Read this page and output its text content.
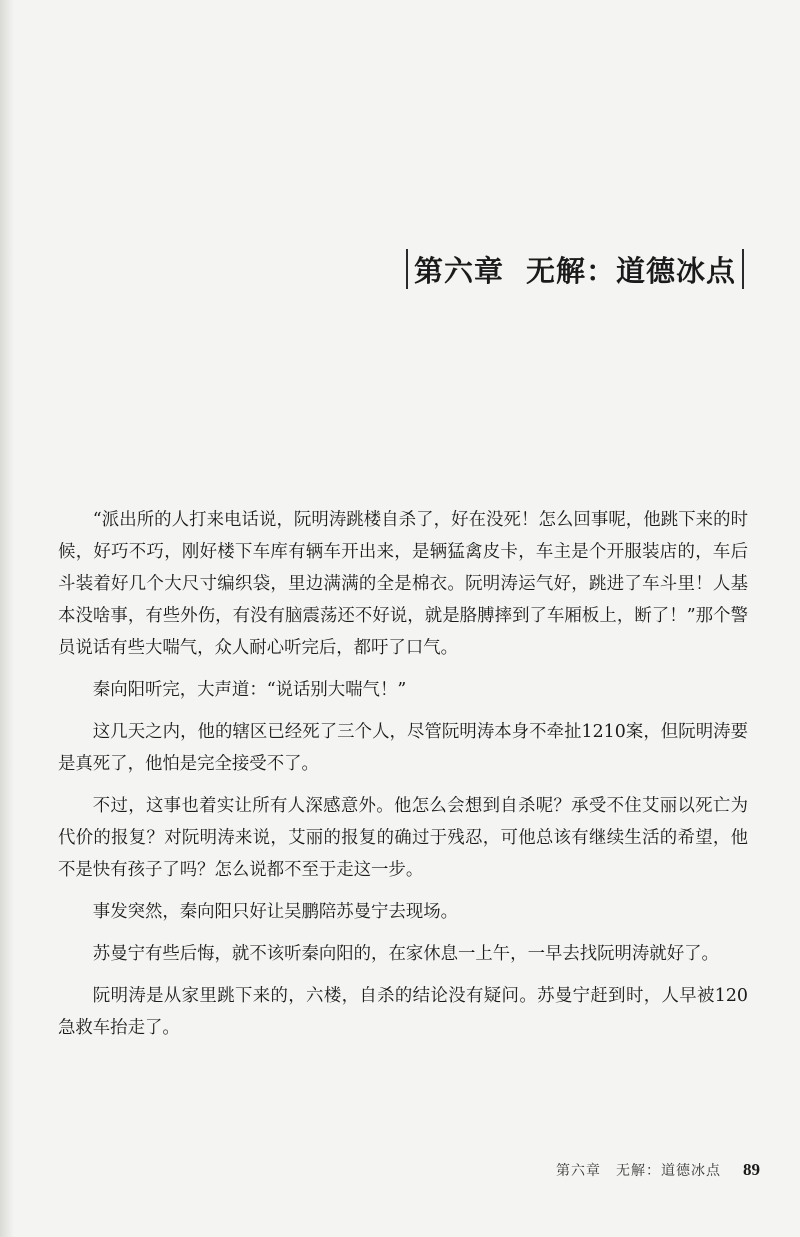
第六章 无解：道德冰点

“派出所的人打来电话说，阮明涛跳楼自杀了，好在没死！怎么回事呢，他跳下来的时候，好巧不巧，刚好楼下车库有辆车开出来，是辆猛禽皮卡，车主是个开服装店的，车后斗装着好几个大尺寸编织袋，里边满满的全是棉衣。阮明涛运气好，跳进了车斗里！人基本没啥事，有些外伤，有没有脑震荡还不好说，就是胳膊摔到了车厢板上，断了！”那个警员说话有些大喘气，众人耐心听完后，都吁了口气。

秦向阳听完，大声道：“说话别大喘气！”

这几天之内，他的辖区已经死了三个人，尽管阮明涛本身不牵扯1210案，但阮明涛要是真死了，他怕是完全接受不了。

不过，这事也着实让所有人深感意外。他怎么会想到自杀呢？承受不住艾丽以死亡为代价的报复？对阮明涛来说，艾丽的报复的确过于残忍，可他总该有继续生活的希望，他不是快有孩子了吗？怎么说都不至于走这一步。

事发突然，秦向阳只好让吴鹏陪苏曼宁去现场。

苏曼宁有些后悔，就不该听秦向阳的，在家休息一上午，一早去找阮明涛就好了。

阮明涛是从家里跳下来的，六楼，自杀的结论没有疑问。苏曼宁赶到时，人早被120急救车抬走了。

第六章　无解：道德冰点 89
